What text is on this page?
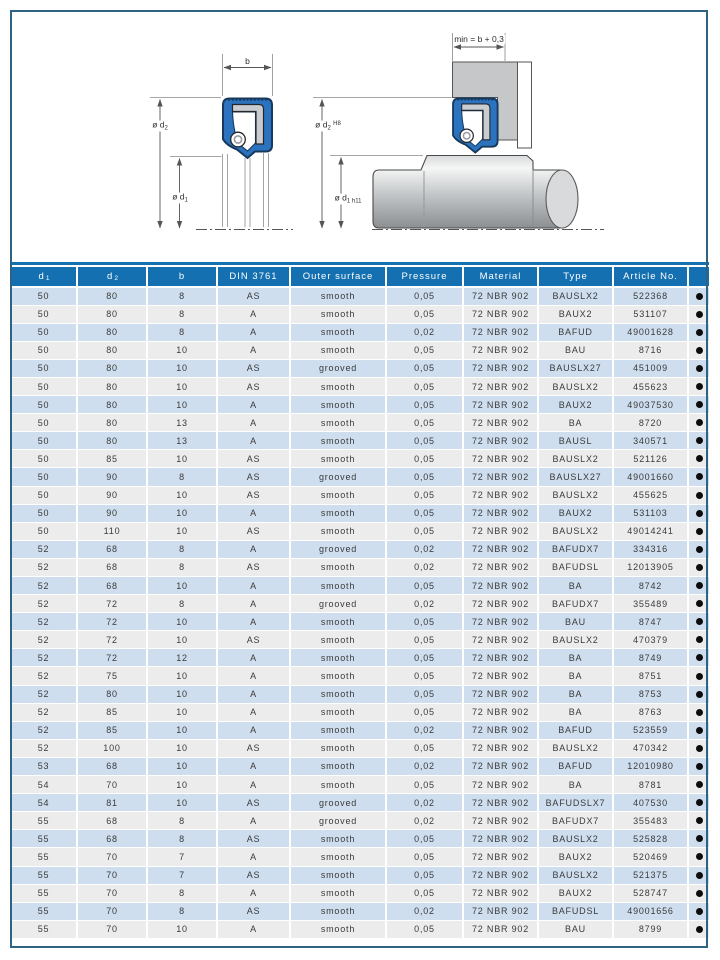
b
ø $d_2$
ø $d_1$
min = b + 0,3
ø $d_2$ $^{H8}$
ø $d_{1 h11}$
d 1	d 2	b	DIN 3761	Outer surface	Pressure	Material	Type	Article No.
50	80	8	AS	smooth	0,05	72 NBR 902	BAUSLX2	522368
50	80	8	A	smooth	0,05	72 NBR 902	BAUX2	531107
50	80	8	A	smooth	0,02	72 NBR 902	BAFUD	49001628
50	80	10	A	smooth	0,05	72 NBR 902	BAU	8716
50	80	10	AS	grooved	0,05	72 NBR 902	BAUSLX27	451009
50	80	10	AS	smooth	0,05	72 NBR 902	BAUSLX2	455623
50	80	10	A	smooth	0,05	72 NBR 902	BAUX2	49037530
50	80	13	A	smooth	0,05	72 NBR 902	BA	8720
50	80	13	A	smooth	0,05	72 NBR 902	BAUSL	340571
50	85	10	AS	smooth	0,05	72 NBR 902	BAUSLX2	521126
50	90	8	AS	grooved	0,05	72 NBR 902	BAUSLX27	49001660
50	90	10	AS	smooth	0,05	72 NBR 902	BAUSLX2	455625
50	90	10	A	smooth	0,05	72 NBR 902	BAUX2	531103
50	110	10	AS	smooth	0,05	72 NBR 902	BAUSLX2	49014241
52	68	8	A	grooved	0,02	72 NBR 902	BAFUDX7	334316
52	68	8	AS	smooth	0,02	72 NBR 902	BAFUDSL	12013905
52	68	10	A	smooth	0,05	72 NBR 902	BA	8742
52	72	8	A	grooved	0,02	72 NBR 902	BAFUDX7	355489
52	72	10	A	smooth	0,05	72 NBR 902	BAU	8747
52	72	10	AS	smooth	0,05	72 NBR 902	BAUSLX2	470379
52	72	12	A	smooth	0,05	72 NBR 902	BA	8749
52	75	10	A	smooth	0,05	72 NBR 902	BA	8751
52	80	10	A	smooth	0,05	72 NBR 902	BA	8753
52	85	10	A	smooth	0,05	72 NBR 902	BA	8763
52	85	10	A	smooth	0,02	72 NBR 902	BAFUD	523559
52	100	10	AS	smooth	0,05	72 NBR 902	BAUSLX2	470342
53	68	10	A	smooth	0,02	72 NBR 902	BAFUD	12010980
54	70	10	A	smooth	0,05	72 NBR 902	BA	8781
54	81	10	AS	grooved	0,02	72 NBR 902	BAFUDSLX7	407530
55	68	8	A	grooved	0,02	72 NBR 902	BAFUDX7	355483
55	68	8	AS	smooth	0,05	72 NBR 902	BAUSLX2	525828
55	70	7	A	smooth	0,05	72 NBR 902	BAUX2	520469
55	70	7	AS	smooth	0,05	72 NBR 902	BAUSLX2	521375
55	70	8	A	smooth	0,05	72 NBR 902	BAUX2	528747
55	70	8	AS	smooth	0,02	72 NBR 902	BAFUDSL	49001656
55	70	10	A	smooth	0,05	72 NBR 902	BAU	8799
